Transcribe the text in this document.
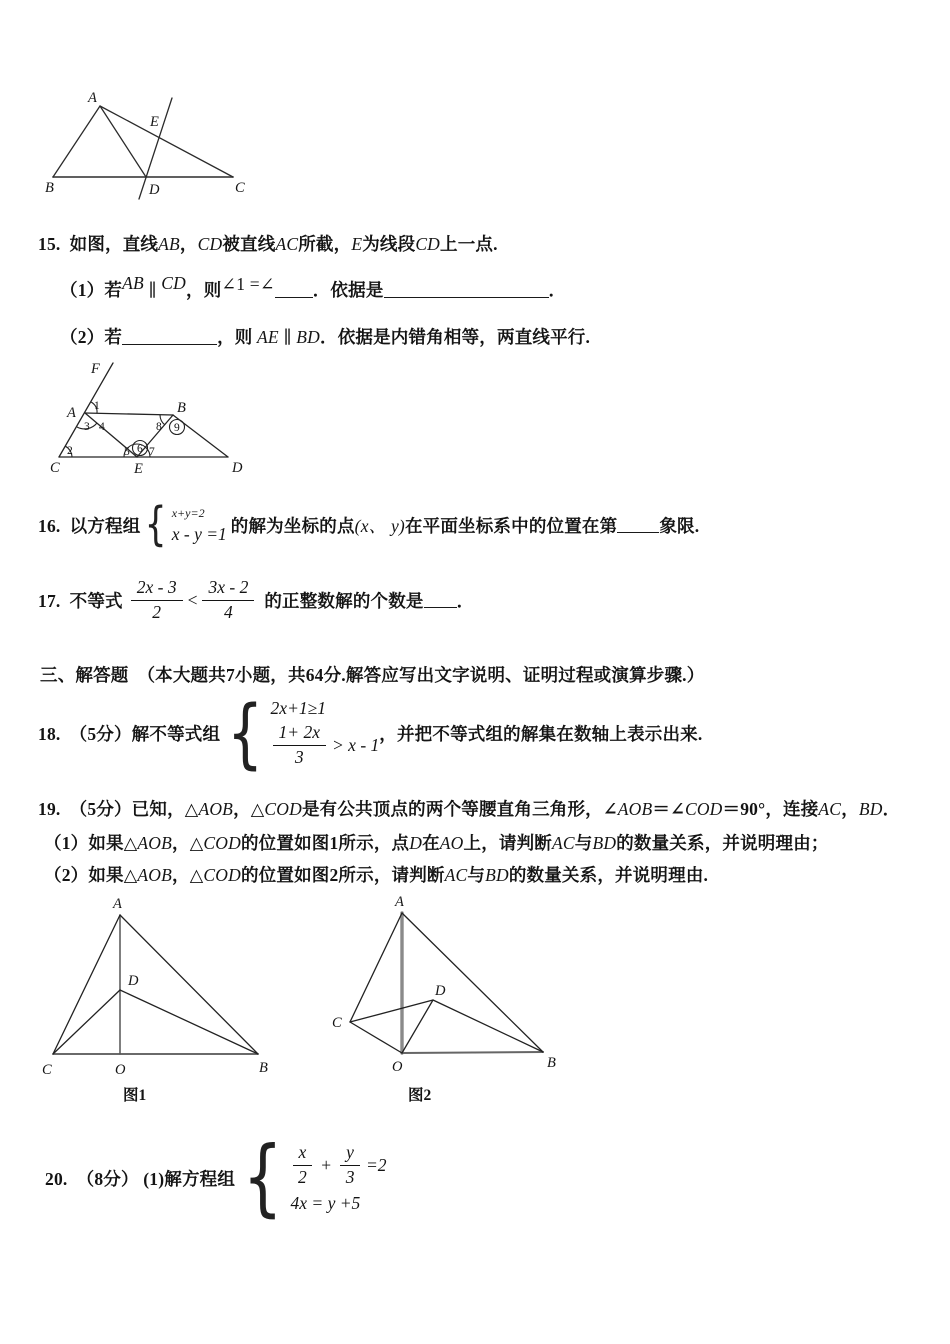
A
E
B	D	C
15.  如图，直线AB，CD被直线AC所截，E为线段CD上一点.
（1）若AB ∥ CD，则∠1 =∠ ．依据是	．
（2）若	，则 AE ∥ BD．依据是内错角相等，两直线平行.
F
A	B
C	E	D
1
3 4
2	5 6 7
8 9
16.  以方程组 { x+y=2
x - y =1 的解为坐标的点(x、 y)在平面坐标系中的位置在第 象限.
17.  不等式 $\frac{2x - 3}{2} < \frac{3x - 2}{4}$ 的正整数解的个数是 ．
三、解答题　（本大题共7小题，共64分.解答应写出文字说明、证明过程或演算步骤.）
18.  （5分）解不等式组 { 2x+1≥1
$\frac{1+ 2x}{3} > x - 1$
，并把不等式组的解集在数轴上表示出来.
19.  （5分）已知，△AOB，△COD是有公共顶点的两个等腰直角三角形，∠AOB＝∠COD＝90°，连接AC，BD．
（1）如果△AOB，△COD的位置如图1所示，点D在AO上，请判断AC与BD的数量关系，并说明理由；
（2）如果△AOB，△COD的位置如图2所示，请判断AC与BD的数量关系，并说明理由.
A
D
C	O	B
图1
A
C
D
O	B
图2
20.  （8分） (1)解方程组 { $\frac{x}{2} + \frac{y}{3} =2$
4x = y +5
